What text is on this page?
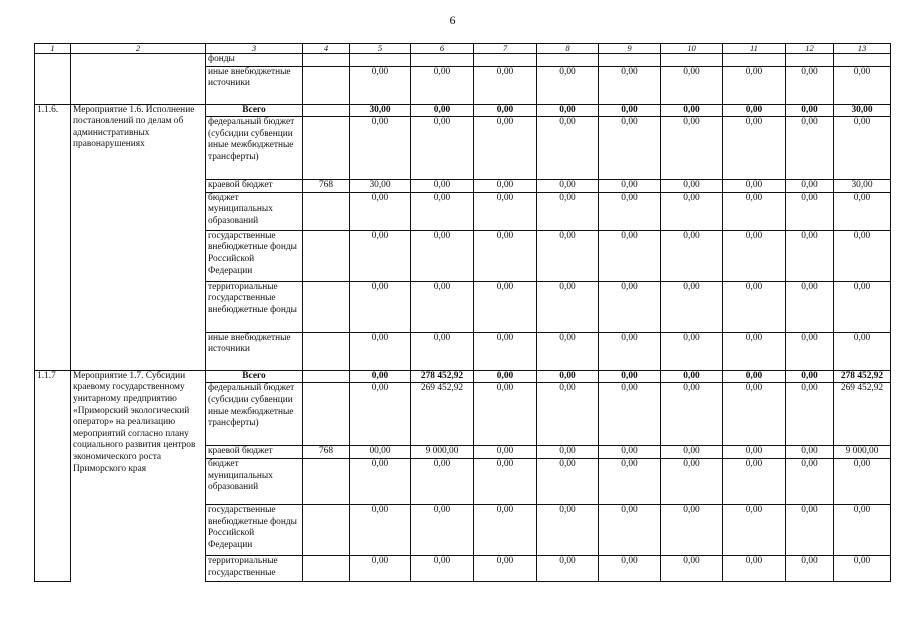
6
1	2	3	4	5	6	7	8	9	10	11	12	13
		фонды										
		иные внебюджетные источники		0,00	0,00	0,00	0,00	0,00	0,00	0,00	0,00	0,00
1.1.6.	Мероприятие 1.6. Исполнение постановлений по делам об административных правонарушениях	Всего		30,00	0,00	0,00	0,00	0,00	0,00	0,00	0,00	30,00
		федеральный бюджет (субсидии субвенции иные межбюджетные трансферты)		0,00	0,00	0,00	0,00	0,00	0,00	0,00	0,00	0,00
		краевой бюджет	768	30,00	0,00	0,00	0,00	0,00	0,00	0,00	0,00	30,00
		бюджет муниципальных образований		0,00	0,00	0,00	0,00	0,00	0,00	0,00	0,00	0,00
		государственные внебюджетные фонды Российской Федерации		0,00	0,00	0,00	0,00	0,00	0,00	0,00	0,00	0,00
		территориальные государственные внебюджетные фонды		0,00	0,00	0,00	0,00	0,00	0,00	0,00	0,00	0,00
		иные внебюджетные источники		0,00	0,00	0,00	0,00	0,00	0,00	0,00	0,00	0,00
1.1.7	Мероприятие 1.7. Субсидии краевому государственному унитарному предприятию «Приморский экологический оператор» на реализацию мероприятий согласно плану социального развития центров экономического роста Приморского края	Всего		0,00	278 452,92	0,00	0,00	0,00	0,00	0,00	0,00	278 452,92
		федеральный бюджет (субсидии субвенции иные межбюджетные трансферты)		0,00	269 452,92	0,00	0,00	0,00	0,00	0,00	0,00	269 452,92
		краевой бюджет	768	00,00	9 000,00	0,00	0,00	0,00	0,00	0,00	0,00	9 000,00
		бюджет муниципальных образований		0,00	0,00	0,00	0,00	0,00	0,00	0,00	0,00	0,00
		государственные внебюджетные фонды Российской Федерации		0,00	0,00	0,00	0,00	0,00	0,00	0,00	0,00	0,00
		территориальные государственные		0,00	0,00	0,00	0,00	0,00	0,00	0,00	0,00	0,00
